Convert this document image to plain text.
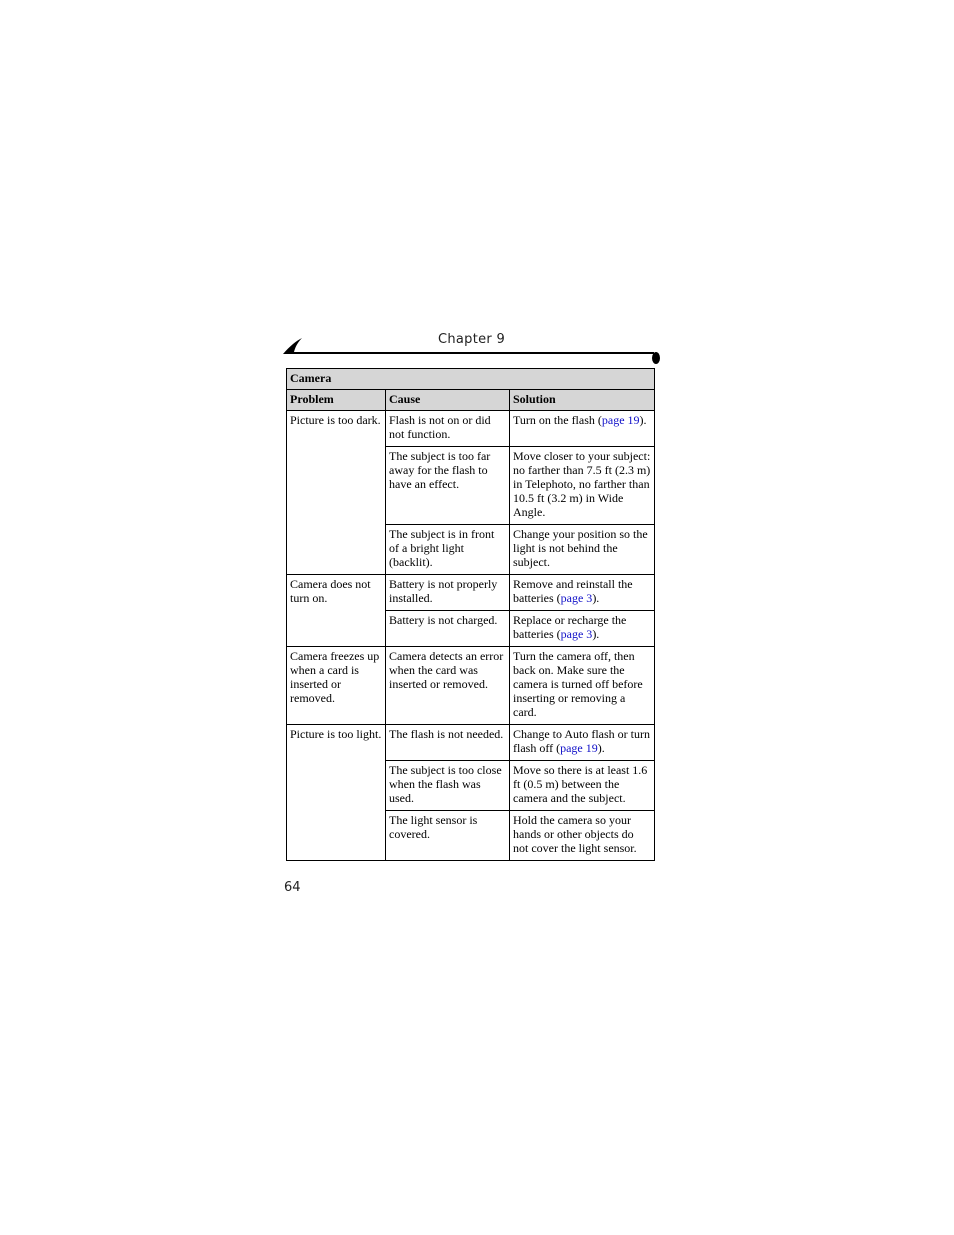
Chapter 9
Camera		
Problem	Cause	Solution
Picture is too dark.	Flash is not on or did not function.	Turn on the flash (page 19).
	The subject is too far away for the flash to have an effect.	Move closer to your subject: no farther than 7.5 ft (2.3 m) in Telephoto, no farther than 10.5 ft (3.2 m) in Wide Angle.
	The subject is in front of a bright light (backlit).	Change your position so the light is not behind the subject.
Camera does not turn on.	Battery is not properly installed.	Remove and reinstall the batteries (page 3).
	Battery is not charged.	Replace or recharge the batteries (page 3).
Camera freezes up when a card is inserted or removed.	Camera detects an error when the card was inserted or removed.	Turn the camera off, then back on. Make sure the camera is turned off before inserting or removing a card.
Picture is too light.	The flash is not needed.	Change to Auto flash or turn flash off (page 19).
	The subject is too close when the flash was used.	Move so there is at least 1.6 ft (0.5 m) between the camera and the subject.
	The light sensor is covered.	Hold the camera so your hands or other objects do not cover the light sensor.
64
